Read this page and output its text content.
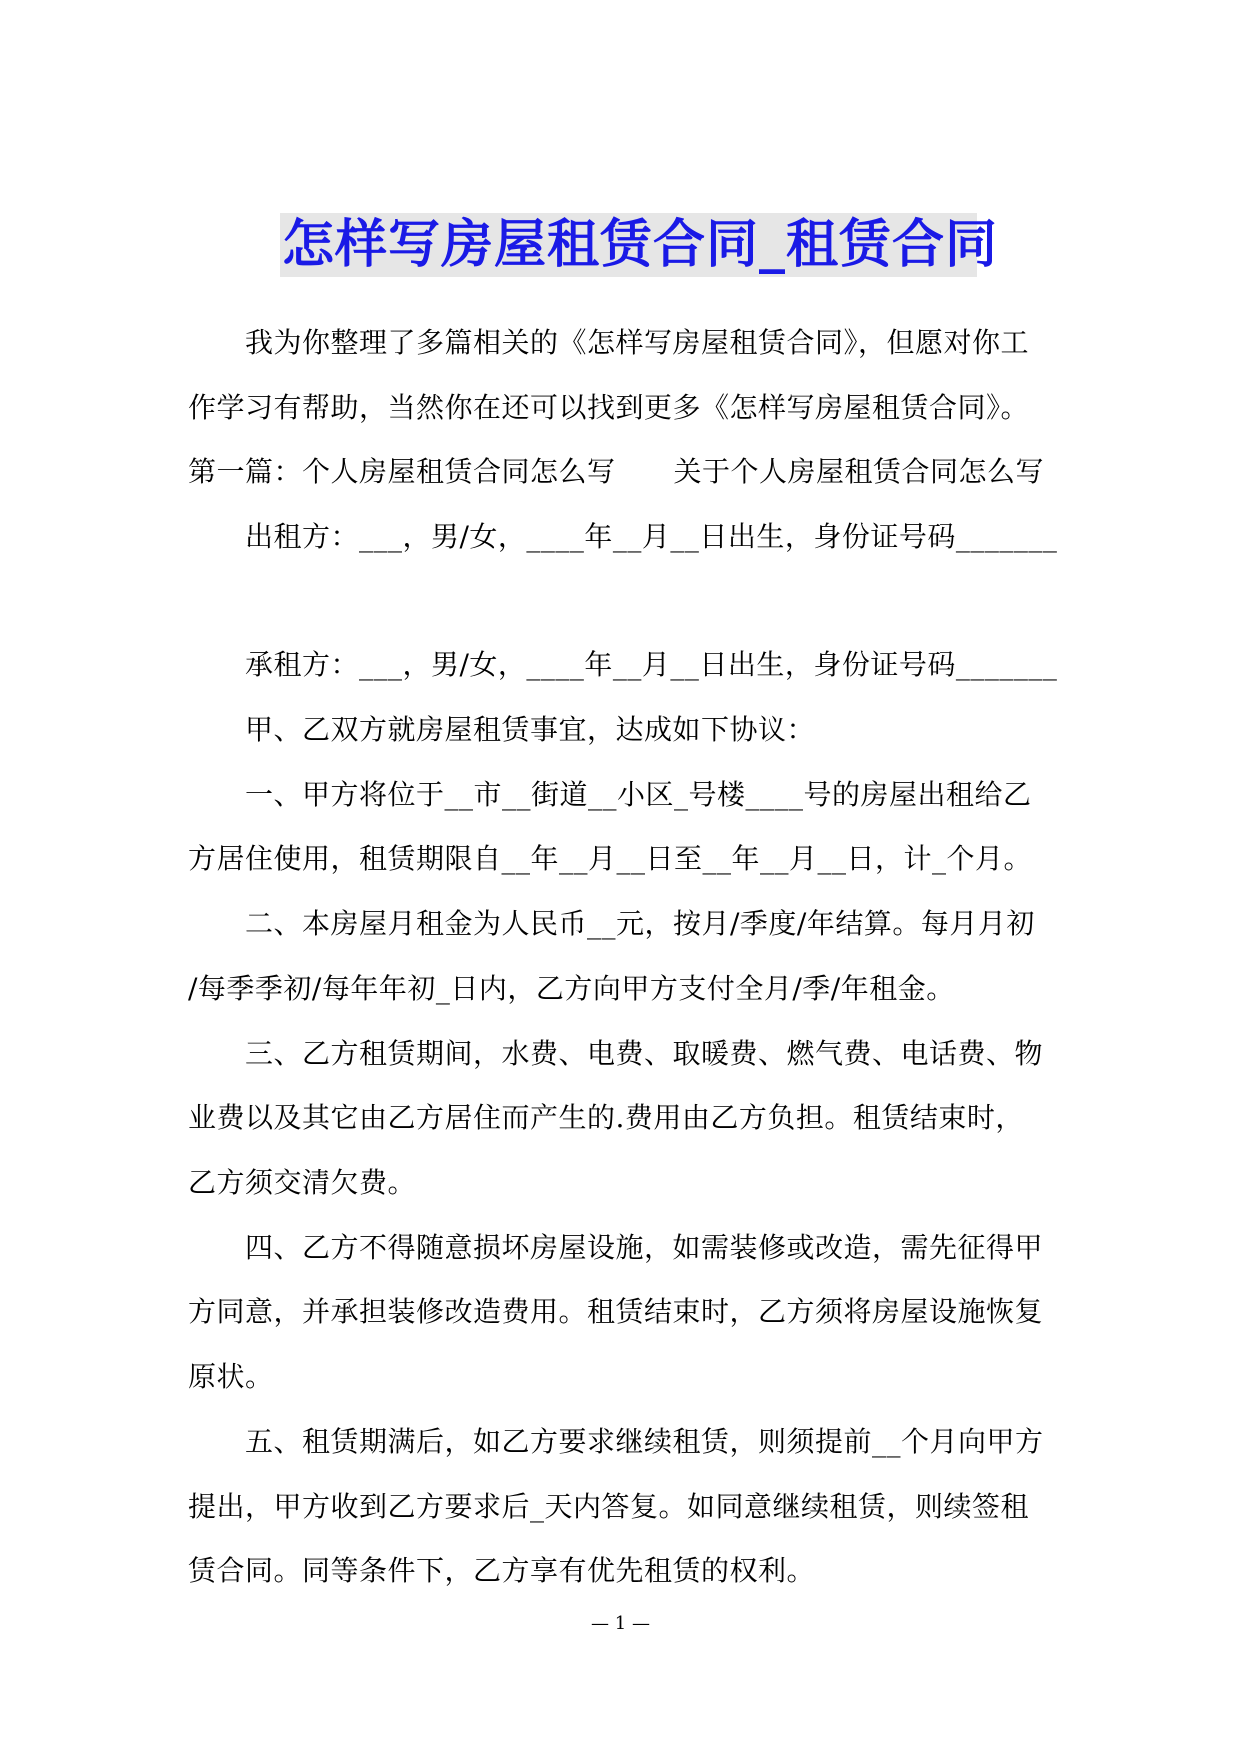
怎样写房屋租赁合同_租赁合同
我为你整理了多篇相关的《怎样写房屋租赁合同》，但愿对你工
作学习有帮助，当然你在还可以找到更多《怎样写房屋租赁合同》。
第一篇：个人房屋租赁合同怎么写 关于个人房屋租赁合同怎么写
出租方：___，男/女，____年__月__日出生，身份证号码_______
承租方：___，男/女，____年__月__日出生，身份证号码_______
甲、乙双方就房屋租赁事宜，达成如下协议：
一、甲方将位于__市__街道__小区_号楼____号的房屋出租给乙
方居住使用，租赁期限自__年__月__日至__年__月__日，计_个月。
二、本房屋月租金为人民币__元，按月/季度/年结算。每月月初
/每季季初/每年年初_日内，乙方向甲方支付全月/季/年租金。
三、乙方租赁期间，水费、电费、取暖费、燃气费、电话费、物
业费以及其它由乙方居住而产生的.费用由乙方负担。租赁结束时，
乙方须交清欠费。
四、乙方不得随意损坏房屋设施，如需装修或改造，需先征得甲
方同意，并承担装修改造费用。租赁结束时，乙方须将房屋设施恢复
原状。
五、租赁期满后，如乙方要求继续租赁，则须提前__个月向甲方
提出，甲方收到乙方要求后_天内答复。如同意继续租赁，则续签租
赁合同。同等条件下，乙方享有优先租赁的权利。
— 1 —
